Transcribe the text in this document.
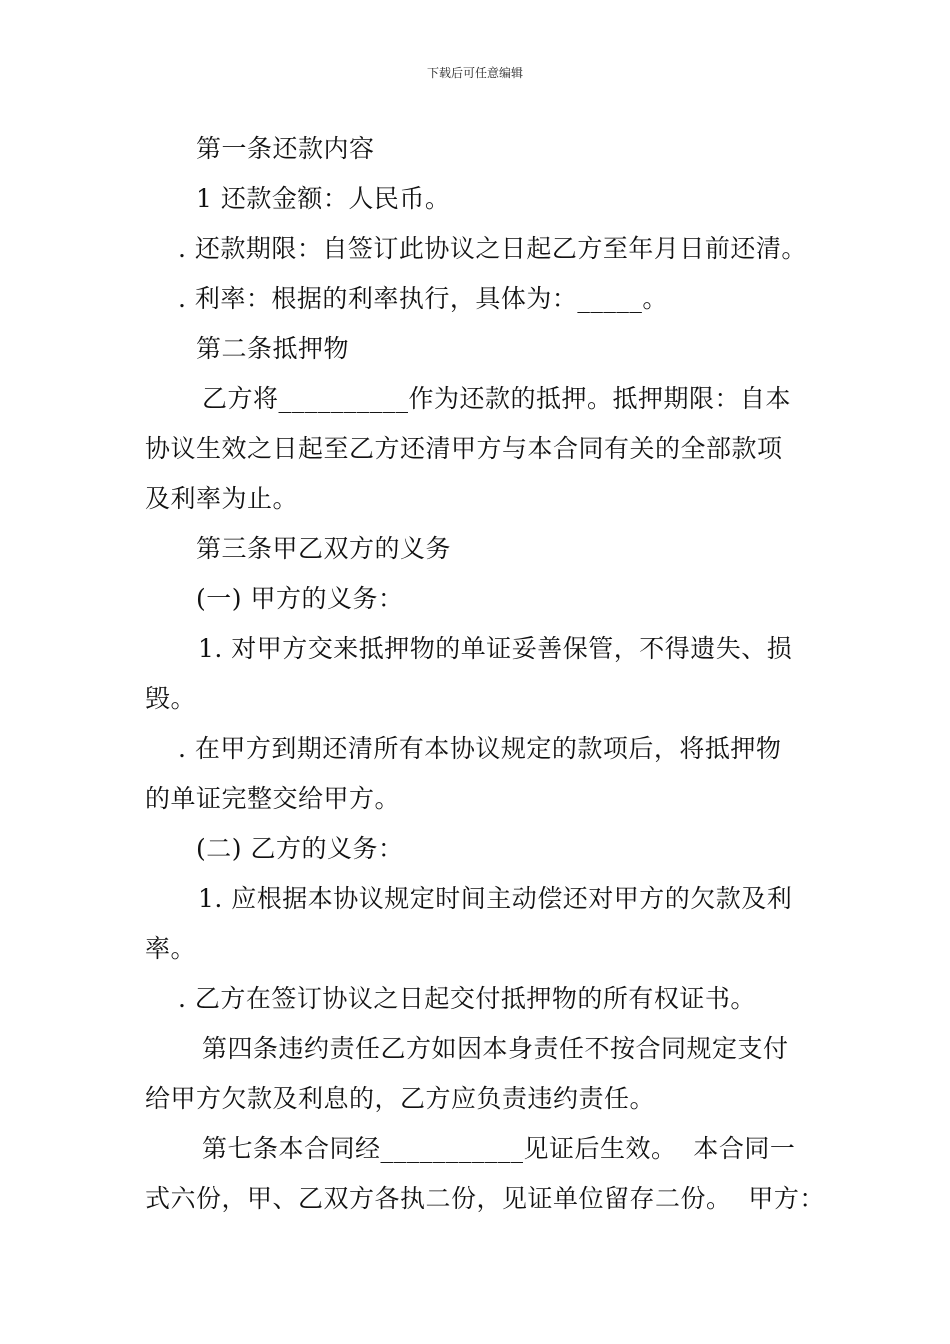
下载后可任意编辑
第一条还款内容
1 还款金额：人民币。
. 还款期限：自签订此协议之日起乙方至年月日前还清。
. 利率：根据的利率执行，具体为：_____。
第二条抵押物
乙方将__________作为还款的抵押。抵押期限：自本
协议生效之日起至乙方还清甲方与本合同有关的全部款项
及利率为止。
第三条甲乙双方的义务
(一) 甲方的义务：
1. 对甲方交来抵押物的单证妥善保管，不得遗失、损
毁。
. 在甲方到期还清所有本协议规定的款项后，将抵押物
的单证完整交给甲方。
(二) 乙方的义务：
1. 应根据本协议规定时间主动偿还对甲方的欠款及利
率。
. 乙方在签订协议之日起交付抵押物的所有权证书。
第四条违约责任乙方如因本身责任不按合同规定支付
给甲方欠款及利息的，乙方应负责违约责任。
第七条本合同经___________见证后生效。  本合同一
式六份，甲、乙双方各执二份，见证单位留存二份。  甲方：
